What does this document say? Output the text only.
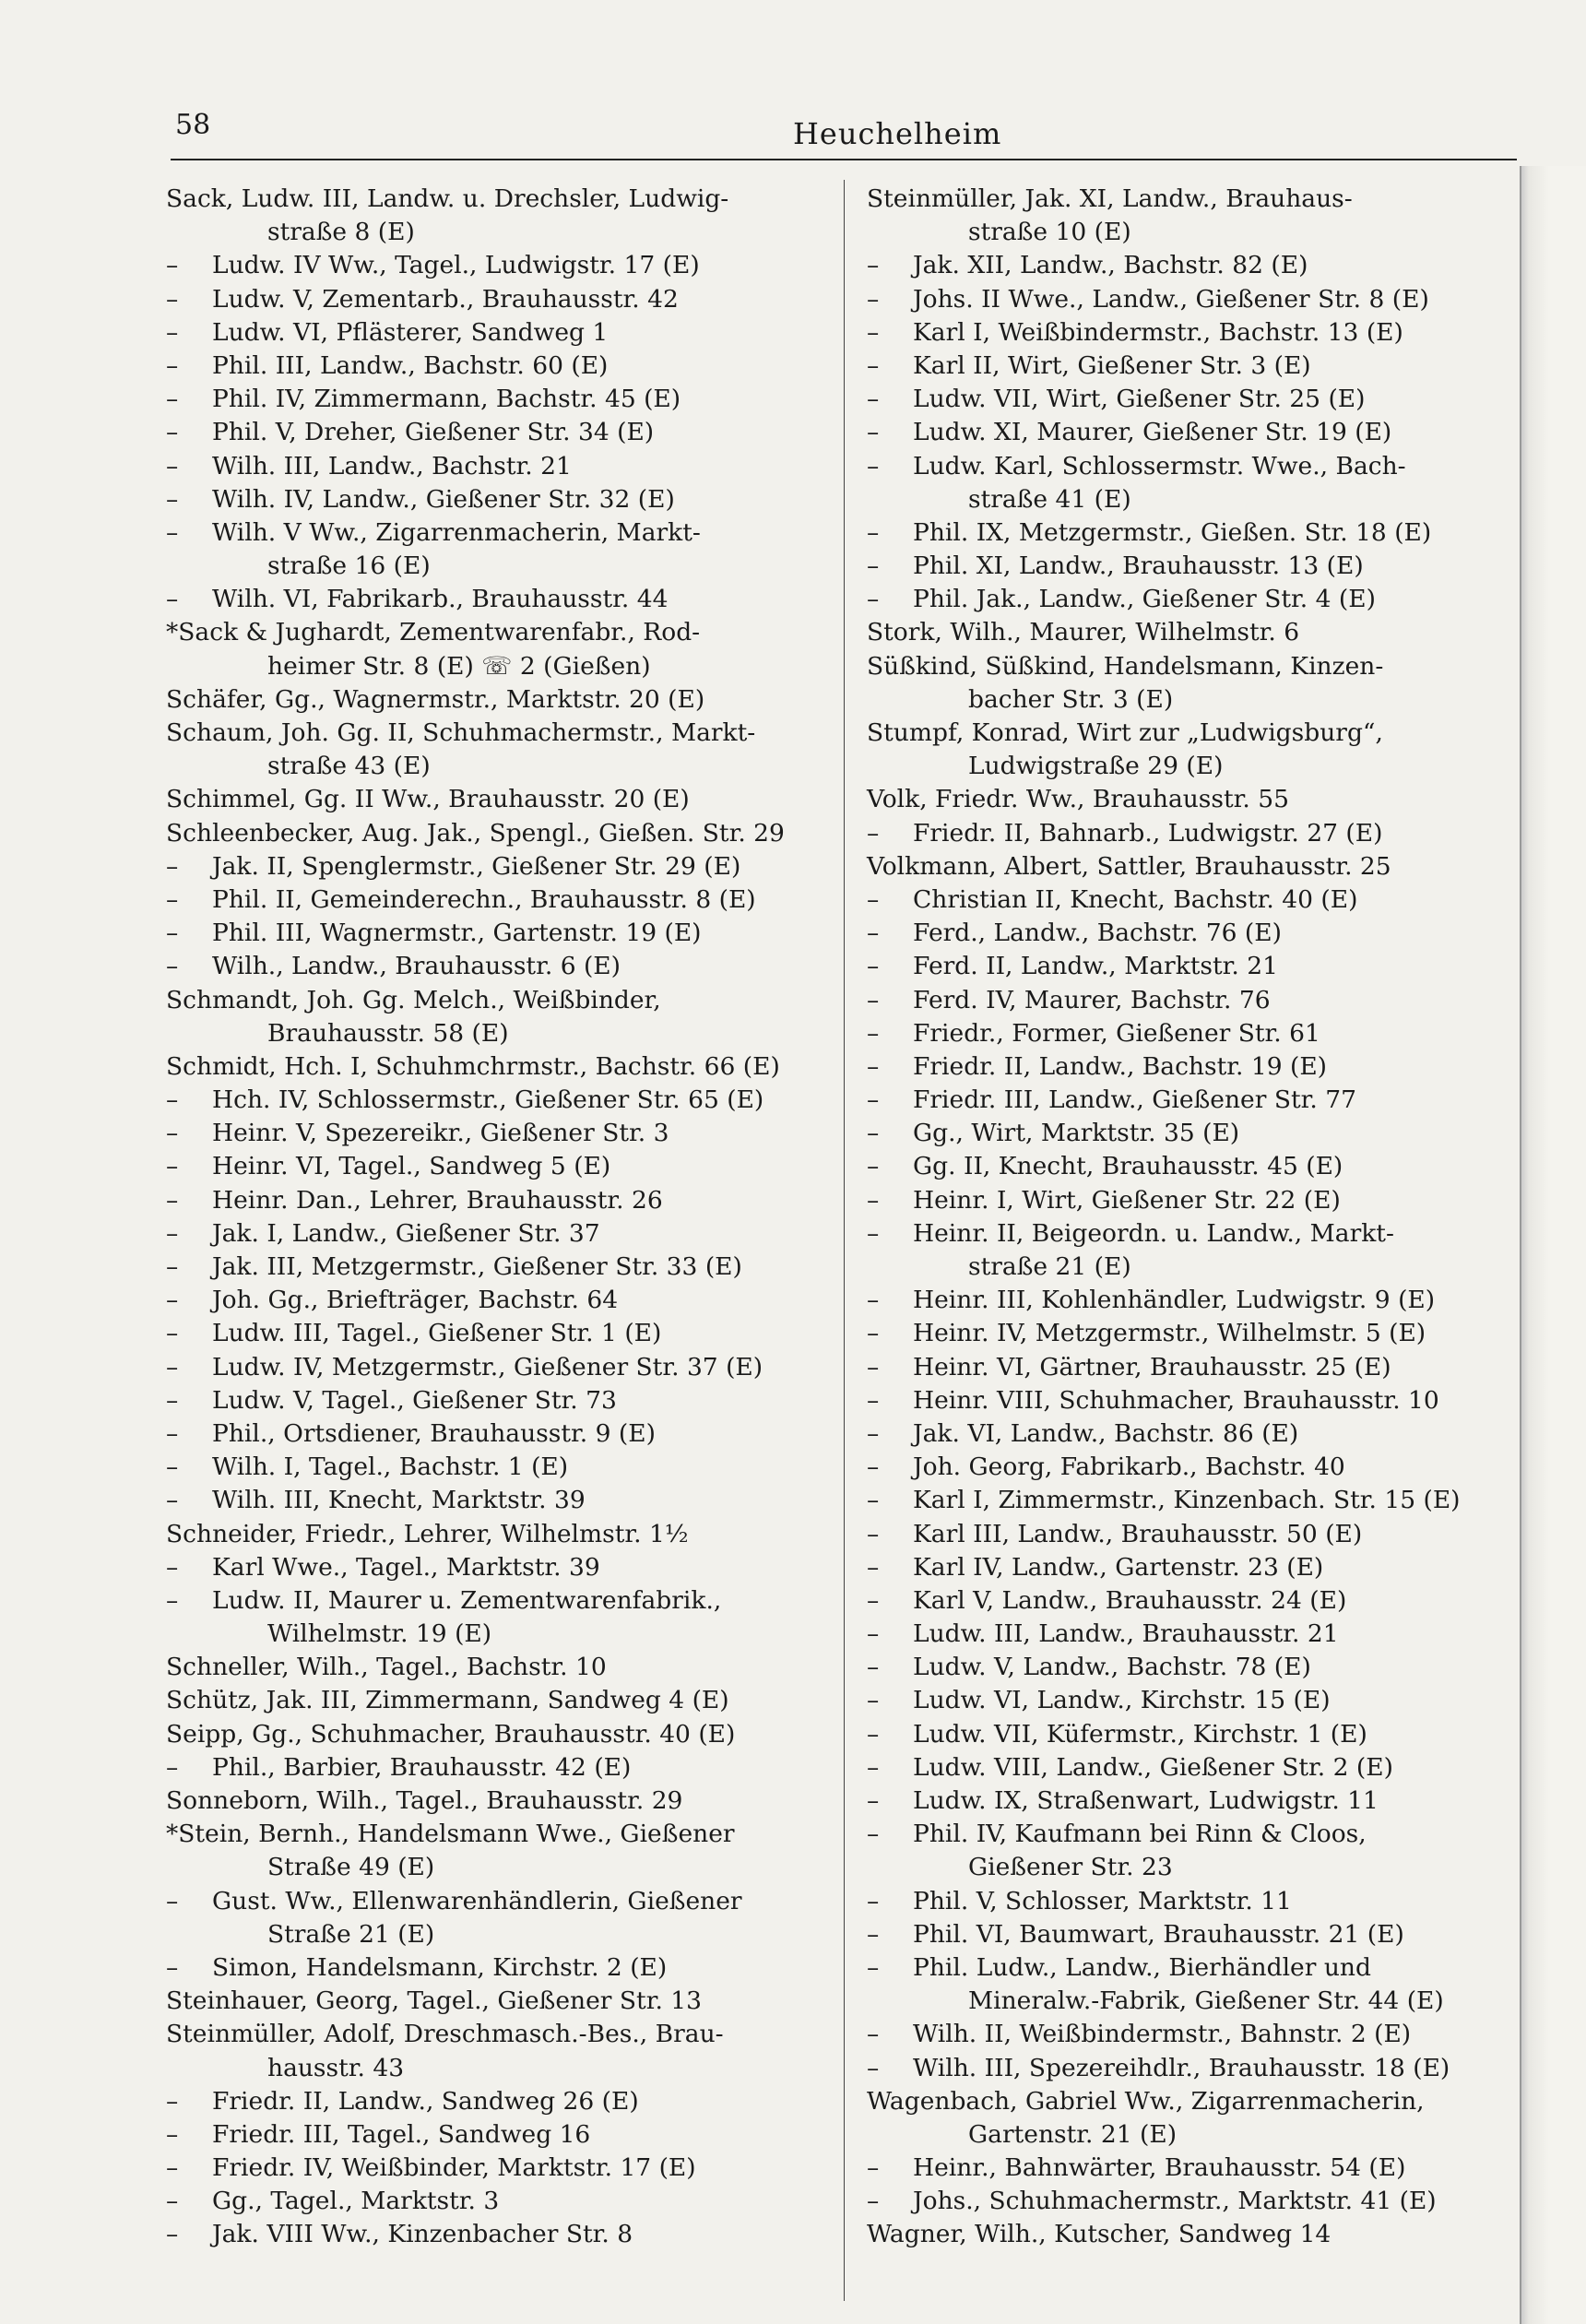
58	Heuchelheim
Sack, Ludw. III, Landw. u. Drechsler, Ludwig-
straße 8 (E)
– Ludw. IV Ww., Tagel., Ludwigstr. 17 (E)
– Ludw. V, Zementarb., Brauhausstr. 42
– Ludw. VI, Pflästerer, Sandweg 1
– Phil. III, Landw., Bachstr. 60 (E)
– Phil. IV, Zimmermann, Bachstr. 45 (E)
– Phil. V, Dreher, Gießener Str. 34 (E)
– Wilh. III, Landw., Bachstr. 21
– Wilh. IV, Landw., Gießener Str. 32 (E)
– Wilh. V Ww., Zigarrenmacherin, Markt-
straße 16 (E)
– Wilh. VI, Fabrikarb., Brauhausstr. 44
*Sack & Jughardt, Zementwarenfabr., Rod-
heimer Str. 8 (E) ☏ 2 (Gießen)
Schäfer, Gg., Wagnermstr., Marktstr. 20 (E)
Schaum, Joh. Gg. II, Schuhmachermstr., Markt-
straße 43 (E)
Schimmel, Gg. II Ww., Brauhausstr. 20 (E)
Schleenbecker, Aug. Jak., Spengl., Gießen. Str. 29
– Jak. II, Spenglermstr., Gießener Str. 29 (E)
– Phil. II, Gemeinderechn., Brauhausstr. 8 (E)
– Phil. III, Wagnermstr., Gartenstr. 19 (E)
– Wilh., Landw., Brauhausstr. 6 (E)
Schmandt, Joh. Gg. Melch., Weißbinder,
Brauhausstr. 58 (E)
Schmidt, Hch. I, Schuhmchrmstr., Bachstr. 66 (E)
– Hch. IV, Schlossermstr., Gießener Str. 65 (E)
– Heinr. V, Spezereikr., Gießener Str. 3
– Heinr. VI, Tagel., Sandweg 5 (E)
– Heinr. Dan., Lehrer, Brauhausstr. 26
– Jak. I, Landw., Gießener Str. 37
– Jak. III, Metzgermstr., Gießener Str. 33 (E)
– Joh. Gg., Briefträger, Bachstr. 64
– Ludw. III, Tagel., Gießener Str. 1 (E)
– Ludw. IV, Metzgermstr., Gießener Str. 37 (E)
– Ludw. V, Tagel., Gießener Str. 73
– Phil., Ortsdiener, Brauhausstr. 9 (E)
– Wilh. I, Tagel., Bachstr. 1 (E)
– Wilh. III, Knecht, Marktstr. 39
Schneider, Friedr., Lehrer, Wilhelmstr. 1½
– Karl Wwe., Tagel., Marktstr. 39
– Ludw. II, Maurer u. Zementwarenfabrik.,
Wilhelmstr. 19 (E)
Schneller, Wilh., Tagel., Bachstr. 10
Schütz, Jak. III, Zimmermann, Sandweg 4 (E)
Seipp, Gg., Schuhmacher, Brauhausstr. 40 (E)
– Phil., Barbier, Brauhausstr. 42 (E)
Sonneborn, Wilh., Tagel., Brauhausstr. 29
*Stein, Bernh., Handelsmann Wwe., Gießener
Straße 49 (E)
– Gust. Ww., Ellenwarenhändlerin, Gießener
Straße 21 (E)
– Simon, Handelsmann, Kirchstr. 2 (E)
Steinhauer, Georg, Tagel., Gießener Str. 13
Steinmüller, Adolf, Dreschmasch.-Bes., Brau-
hausstr. 43
– Friedr. II, Landw., Sandweg 26 (E)
– Friedr. III, Tagel., Sandweg 16
– Friedr. IV, Weißbinder, Marktstr. 17 (E)
– Gg., Tagel., Marktstr. 3
– Jak. VIII Ww., Kinzenbacher Str. 8
Steinmüller, Jak. XI, Landw., Brauhaus-
straße 10 (E)
– Jak. XII, Landw., Bachstr. 82 (E)
– Johs. II Wwe., Landw., Gießener Str. 8 (E)
– Karl I, Weißbindermstr., Bachstr. 13 (E)
– Karl II, Wirt, Gießener Str. 3 (E)
– Ludw. VII, Wirt, Gießener Str. 25 (E)
– Ludw. XI, Maurer, Gießener Str. 19 (E)
– Ludw. Karl, Schlossermstr. Wwe., Bach-
straße 41 (E)
– Phil. IX, Metzgermstr., Gießen. Str. 18 (E)
– Phil. XI, Landw., Brauhausstr. 13 (E)
– Phil. Jak., Landw., Gießener Str. 4 (E)
Stork, Wilh., Maurer, Wilhelmstr. 6
Süßkind, Süßkind, Handelsmann, Kinzen-
bacher Str. 3 (E)
Stumpf, Konrad, Wirt zur „Ludwigsburg“,
Ludwigstraße 29 (E)
Volk, Friedr. Ww., Brauhausstr. 55
– Friedr. II, Bahnarb., Ludwigstr. 27 (E)
Volkmann, Albert, Sattler, Brauhausstr. 25
– Christian II, Knecht, Bachstr. 40 (E)
– Ferd., Landw., Bachstr. 76 (E)
– Ferd. II, Landw., Marktstr. 21
– Ferd. IV, Maurer, Bachstr. 76
– Friedr., Former, Gießener Str. 61
– Friedr. II, Landw., Bachstr. 19 (E)
– Friedr. III, Landw., Gießener Str. 77
– Gg., Wirt, Marktstr. 35 (E)
– Gg. II, Knecht, Brauhausstr. 45 (E)
– Heinr. I, Wirt, Gießener Str. 22 (E)
– Heinr. II, Beigeordn. u. Landw., Markt-
straße 21 (E)
– Heinr. III, Kohlenhändler, Ludwigstr. 9 (E)
– Heinr. IV, Metzgermstr., Wilhelmstr. 5 (E)
– Heinr. VI, Gärtner, Brauhausstr. 25 (E)
– Heinr. VIII, Schuhmacher, Brauhausstr. 10
– Jak. VI, Landw., Bachstr. 86 (E)
– Joh. Georg, Fabrikarb., Bachstr. 40
– Karl I, Zimmermstr., Kinzenbach. Str. 15 (E)
– Karl III, Landw., Brauhausstr. 50 (E)
– Karl IV, Landw., Gartenstr. 23 (E)
– Karl V, Landw., Brauhausstr. 24 (E)
– Ludw. III, Landw., Brauhausstr. 21
– Ludw. V, Landw., Bachstr. 78 (E)
– Ludw. VI, Landw., Kirchstr. 15 (E)
– Ludw. VII, Küfermstr., Kirchstr. 1 (E)
– Ludw. VIII, Landw., Gießener Str. 2 (E)
– Ludw. IX, Straßenwart, Ludwigstr. 11
– Phil. IV, Kaufmann bei Rinn & Cloos,
Gießener Str. 23
– Phil. V, Schlosser, Marktstr. 11
– Phil. VI, Baumwart, Brauhausstr. 21 (E)
– Phil. Ludw., Landw., Bierhändler und
Mineralw.-Fabrik, Gießener Str. 44 (E)
– Wilh. II, Weißbindermstr., Bahnstr. 2 (E)
– Wilh. III, Spezereihdlr., Brauhausstr. 18 (E)
Wagenbach, Gabriel Ww., Zigarrenmacherin,
Gartenstr. 21 (E)
– Heinr., Bahnwärter, Brauhausstr. 54 (E)
– Johs., Schuhmachermstr., Marktstr. 41 (E)
Wagner, Wilh., Kutscher, Sandweg 14
